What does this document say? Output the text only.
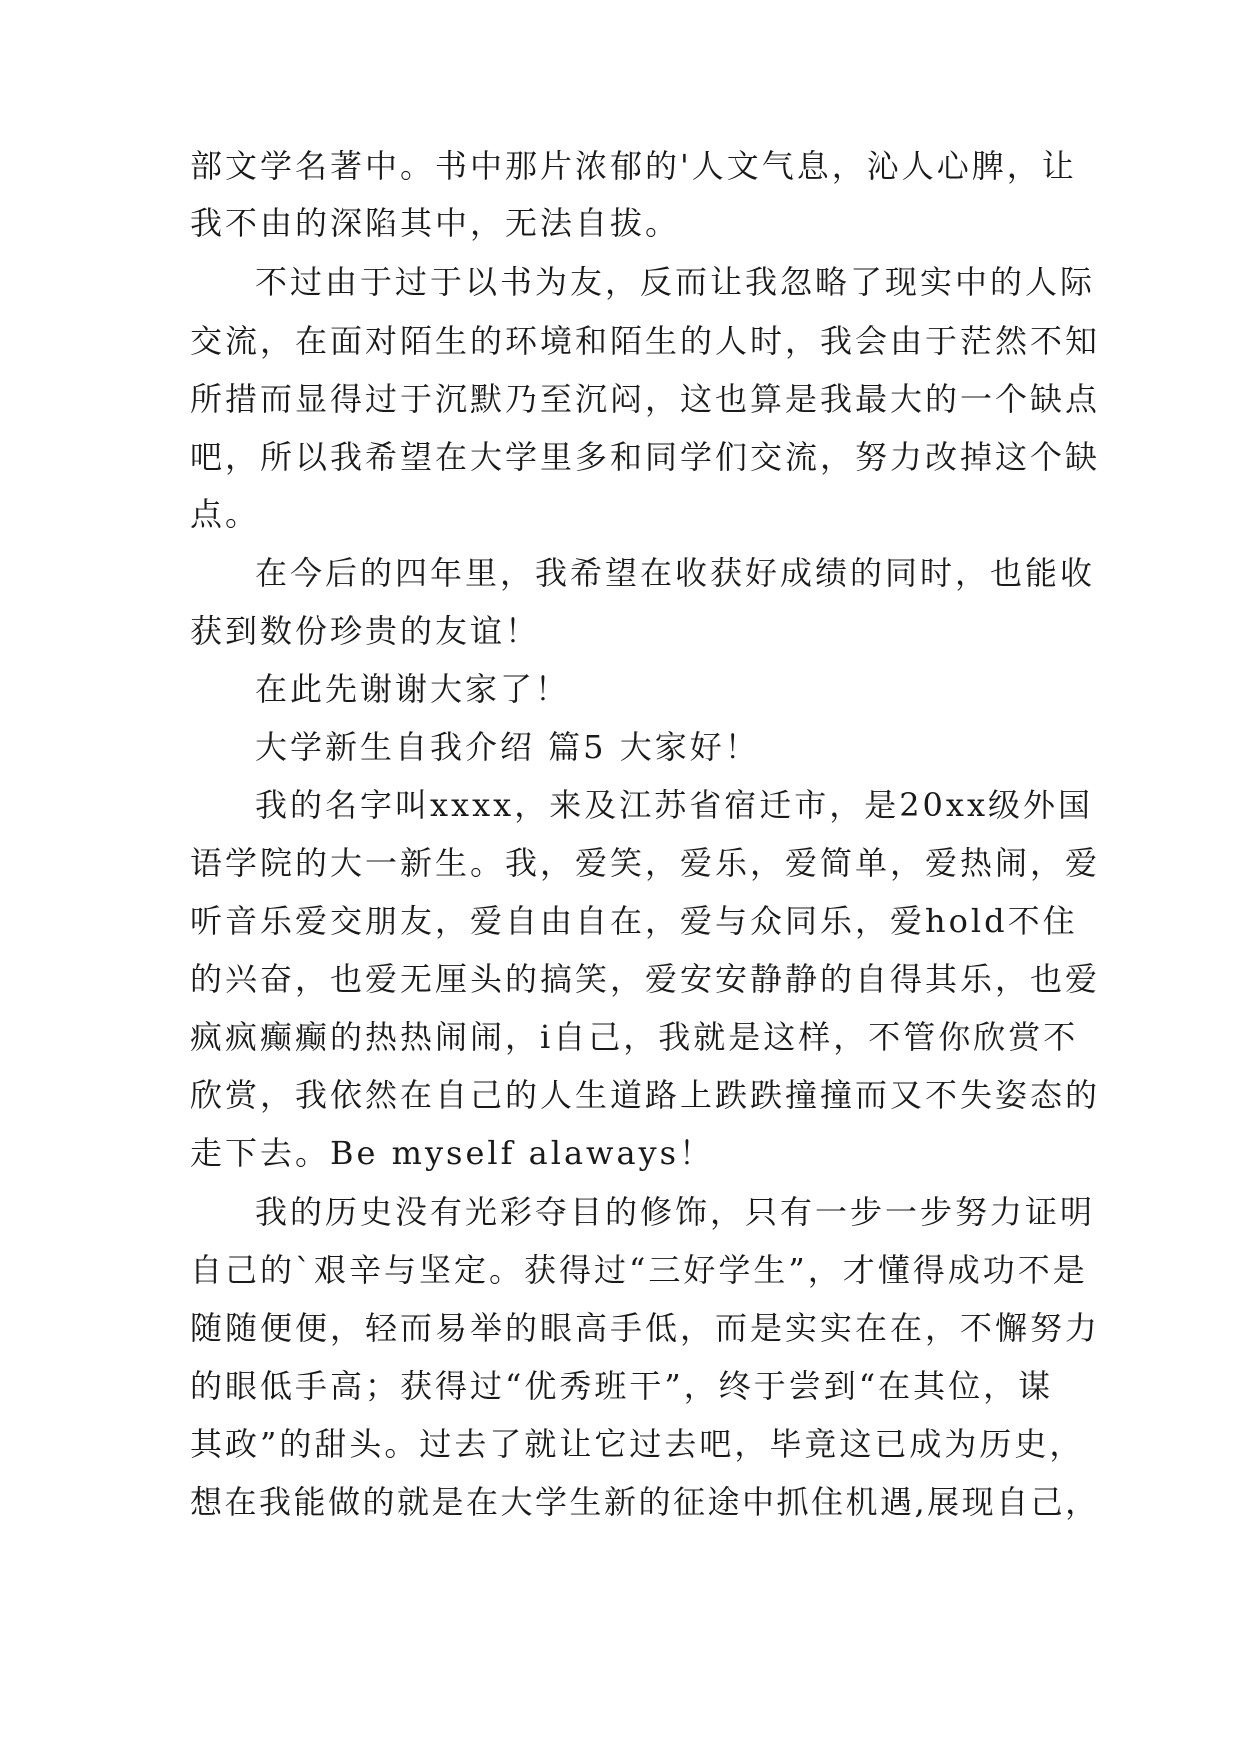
部文学名著中。书中那片浓郁的'人文气息，沁人心脾，让
我不由的深陷其中，无法自拔。
不过由于过于以书为友，反而让我忽略了现实中的人际
交流，在面对陌生的环境和陌生的人时，我会由于茫然不知
所措而显得过于沉默乃至沉闷，这也算是我最大的一个缺点
吧，所以我希望在大学里多和同学们交流，努力改掉这个缺
点。
在今后的四年里，我希望在收获好成绩的同时，也能收
获到数份珍贵的友谊！
在此先谢谢大家了！
大学新生自我介绍 篇5 大家好！
我的名字叫xxxx，来及江苏省宿迁市，是20xx级外国
语学院的大一新生。我，爱笑，爱乐，爱简单，爱热闹，爱
听音乐爱交朋友，爱自由自在，爱与众同乐，爱hold不住
的兴奋，也爱无厘头的搞笑，爱安安静静的自得其乐，也爱
疯疯癫癫的热热闹闹，i自己，我就是这样，不管你欣赏不
欣赏，我依然在自己的人生道路上跌跌撞撞而又不失姿态的
走下去。Be myself alaways！
我的历史没有光彩夺目的修饰，只有一步一步努力证明
自己的`艰辛与坚定。获得过“三好学生”，才懂得成功不是
随随便便，轻而易举的眼高手低，而是实实在在，不懈努力
的眼低手高；获得过“优秀班干”，终于尝到“在其位，谋
其政”的甜头。过去了就让它过去吧，毕竟这已成为历史，
想在我能做的就是在大学生新的征途中抓住机遇,展现自己，
